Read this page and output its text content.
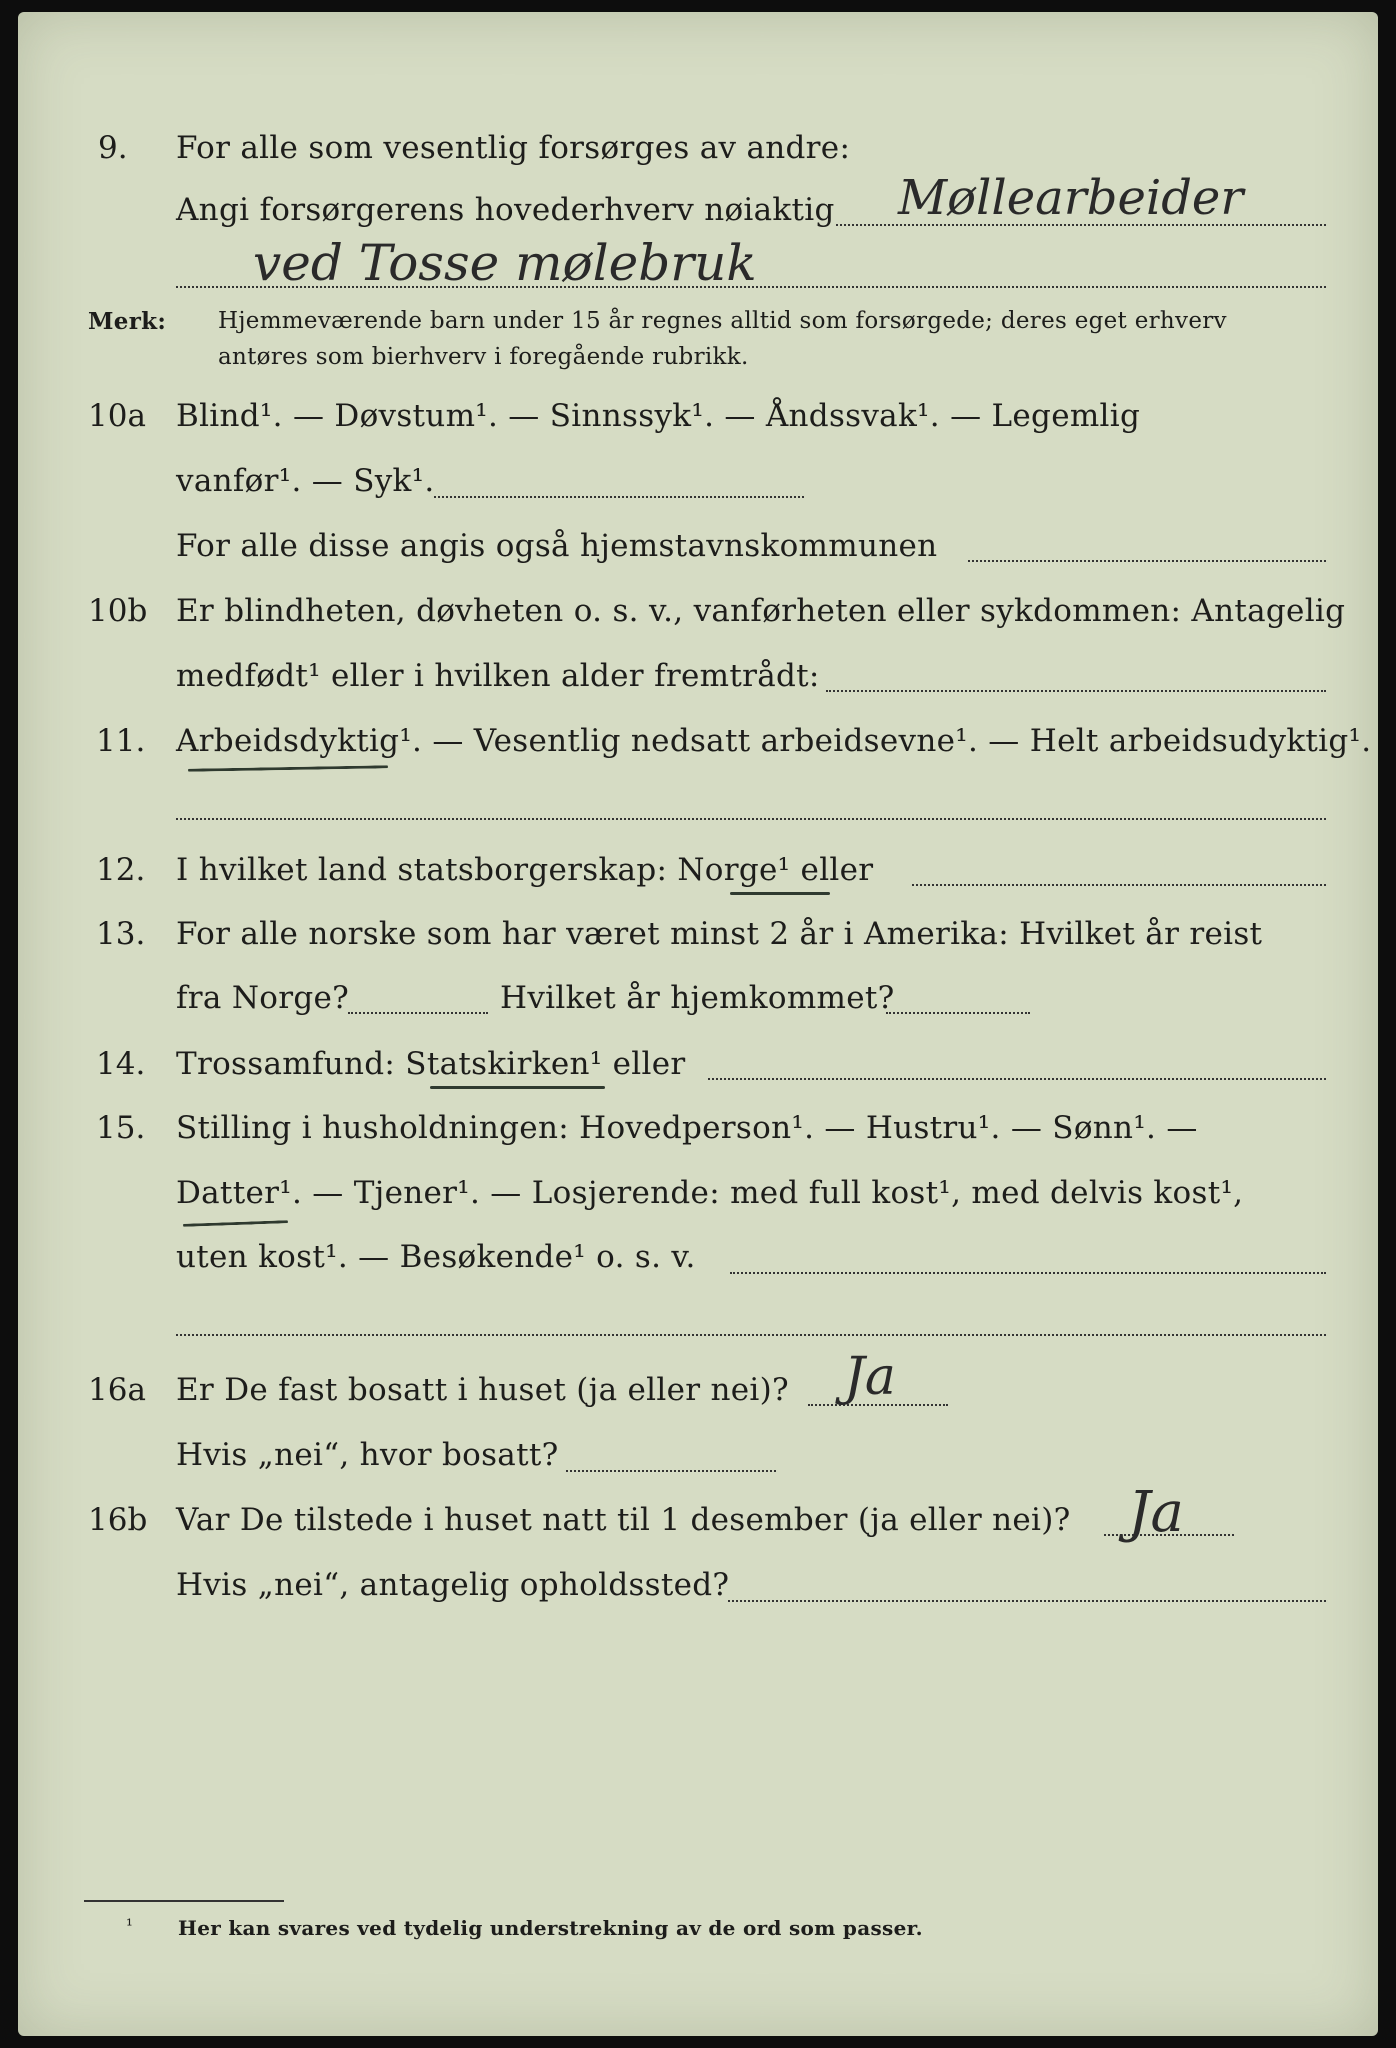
9. For alle som vesentlig forsørges av andre:
Angi forsørgerens hovederhverv nøiaktig Møllearbeider
ved Tosse mølebruk
Merk: Hjemmeværende barn under 15 år regnes alltid som forsørgede; deres eget erhverv
antøres som bierhverv i foregående rubrikk.
10a Blind¹. — Døvstum¹. — Sinnssyk¹. — Åndssvak¹. — Legemlig
vanfør¹. — Syk¹.
For alle disse angis også hjemstavnskommunen
10b Er blindheten, døvheten o. s. v., vanførheten eller sykdommen: Antagelig
medfødt¹ eller i hvilken alder fremtrådt:
11. Arbeidsdyktig¹. — Vesentlig nedsatt arbeidsevne¹. — Helt arbeidsudyktig¹.
12. I hvilket land statsborgerskap: Norge¹ eller
13. For alle norske som har været minst 2 år i Amerika: Hvilket år reist
fra Norge?	Hvilket år hjemkommet?
14. Trossamfund: Statskirken¹ eller
15. Stilling i husholdningen: Hovedperson¹. — Hustru¹. — Sønn¹. —
Datter¹. — Tjener¹. — Losjerende: med full kost¹, med delvis kost¹,
uten kost¹. — Besøkende¹ o. s. v.
16a Er De fast bosatt i huset (ja eller nei)? Ja
Hvis „nei“, hvor bosatt?
16b Var De tilstede i huset natt til 1 desember (ja eller nei)? Ja
Hvis „nei“, antagelig opholdssted?
¹ Her kan svares ved tydelig understrekning av de ord som passer.
